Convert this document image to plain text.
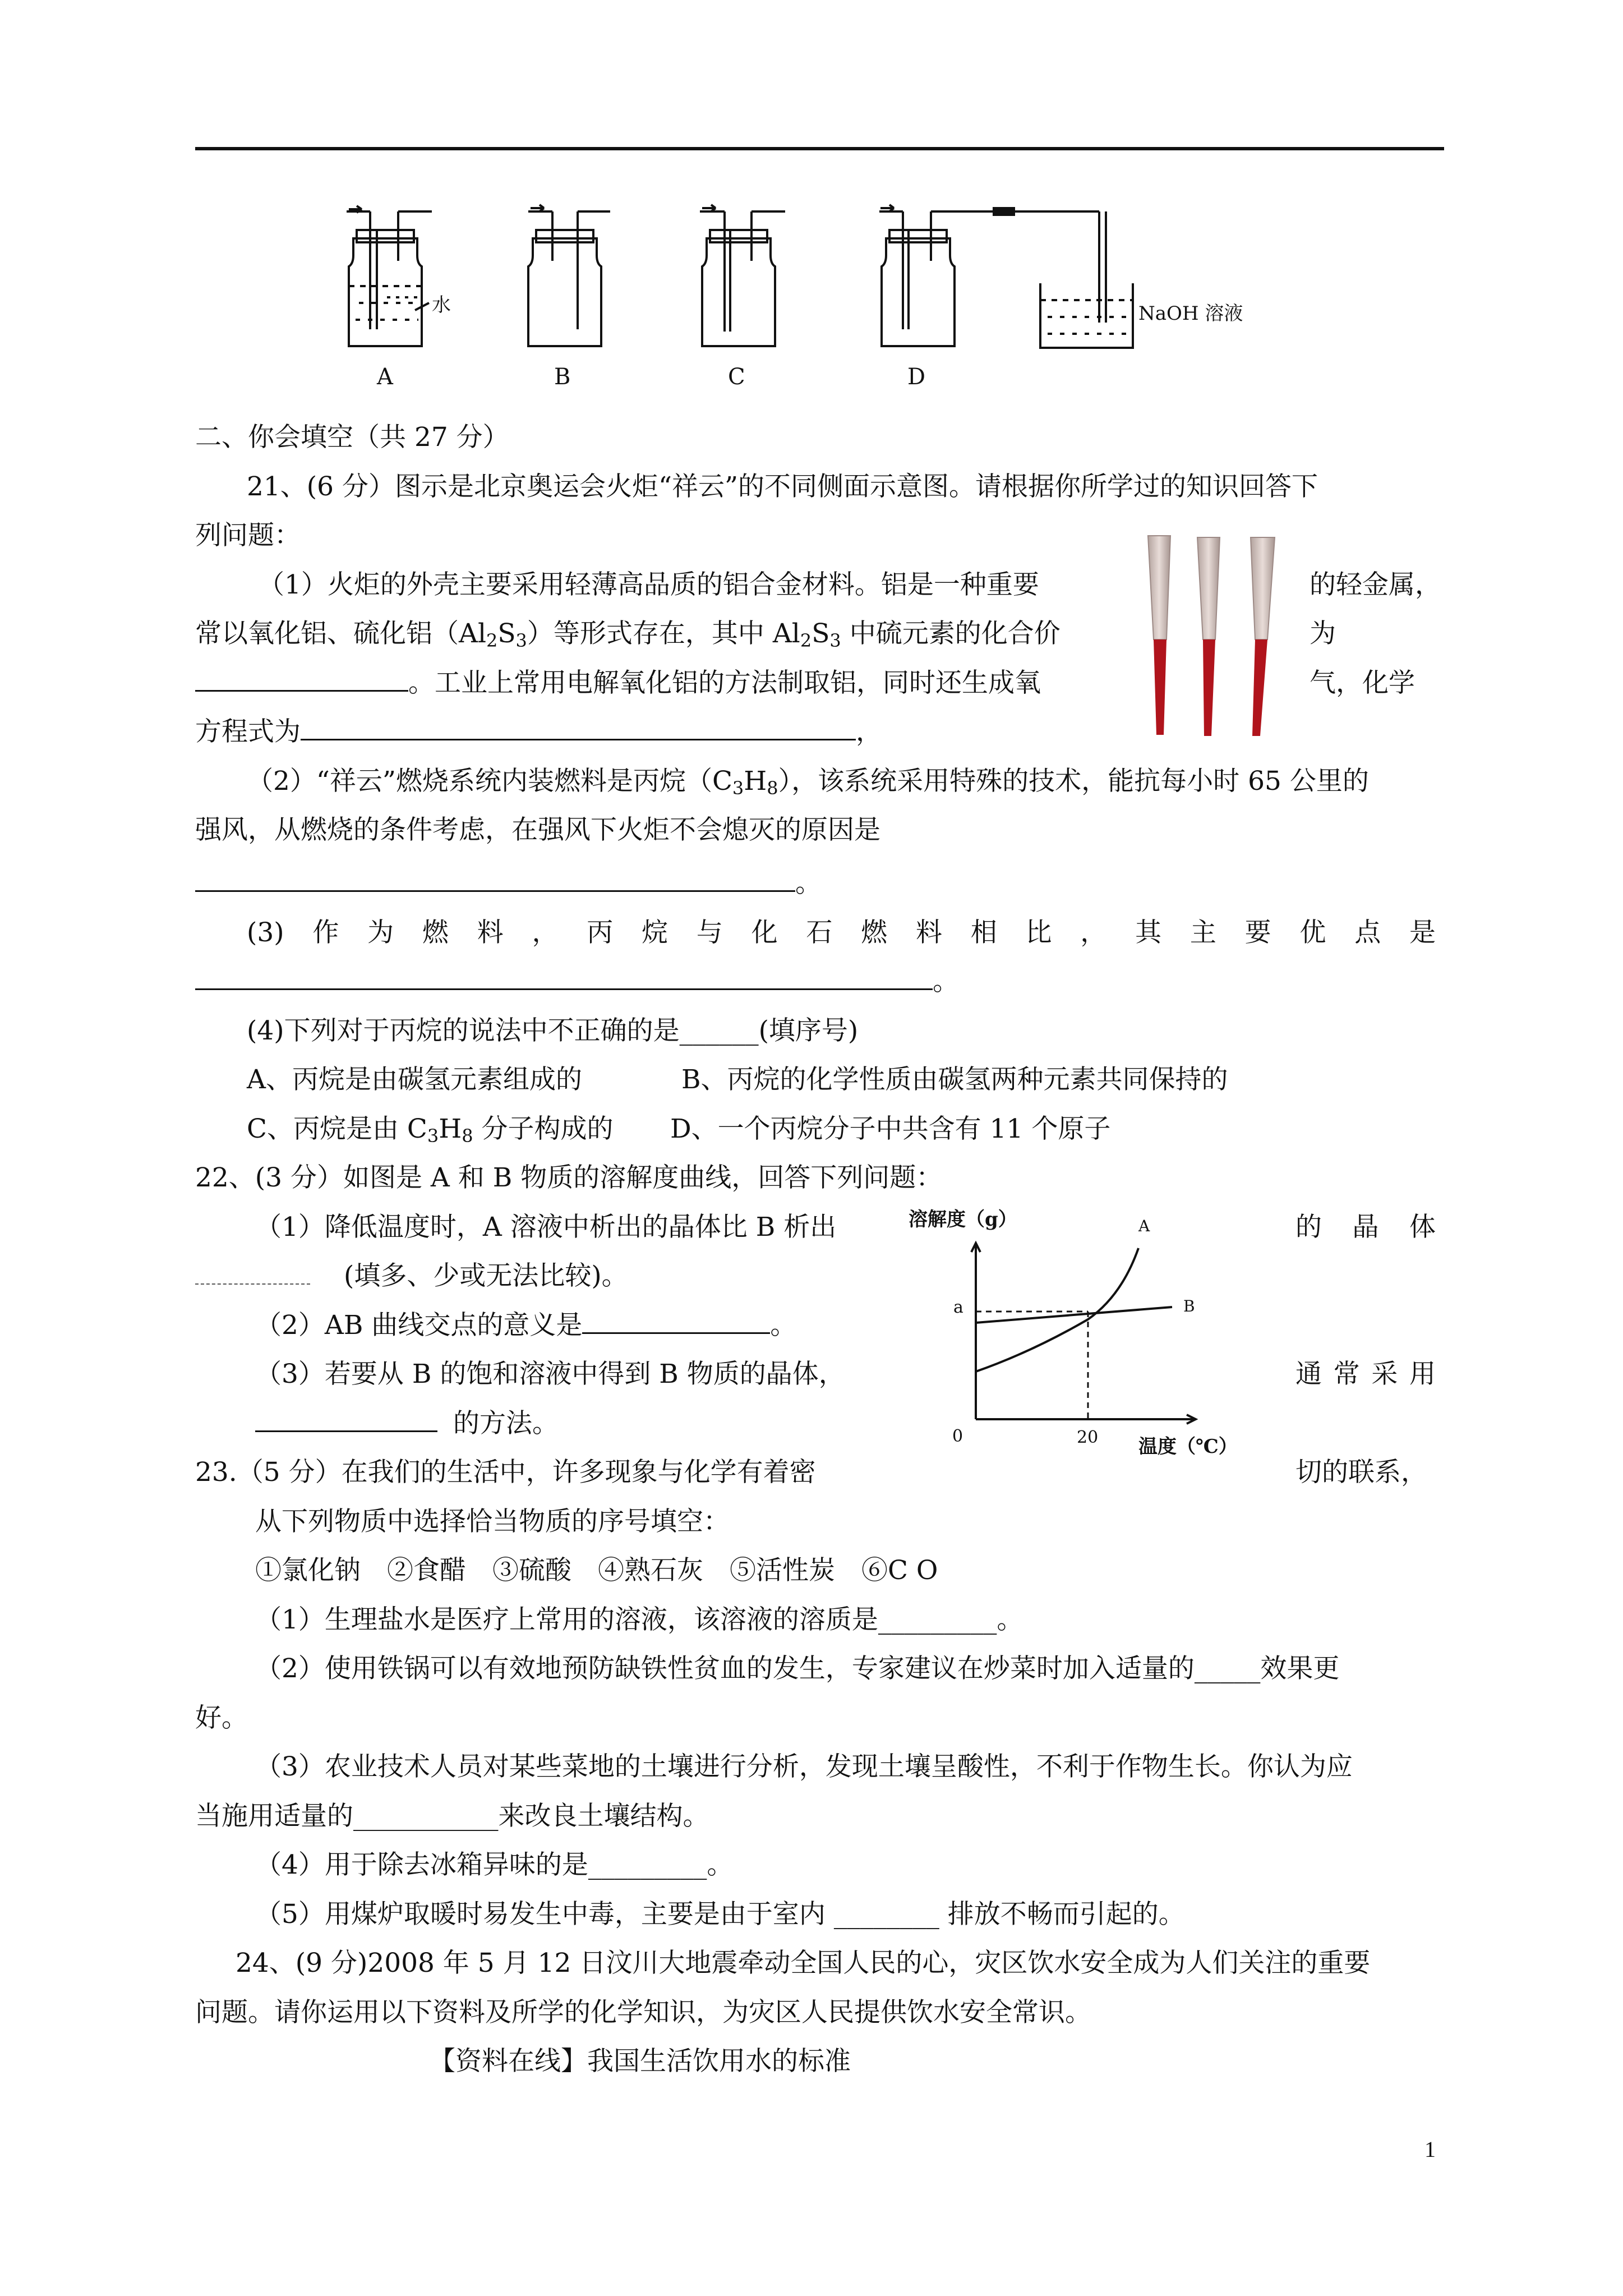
水	NaOH 溶液
A	B	C	D
二、你会填空（共 27 分）
21、(6 分）图示是北京奥运会火炬“祥云”的不同侧面示意图。请根据你所学过的知识回答下
列问题：
（1）火炬的外壳主要采用轻薄高品质的铝合金材料。铝是一种重要	的轻金属，
常以氧化铝、硫化铝$(Al_2S_3)$等形式存在，其中 $Al_2S_3$ 中硫元素的化合价	为
。工业上常用电解氧化铝的方法制取铝，同时还生成氧	气，化学
方程式为	，
（2）“祥云”燃烧系统内装燃料是丙烷$(C_3H_8)$，该系统采用特殊的技术，能抗每小时 65 公里的
强风，从燃烧的条件考虑，在强风下火炬不会熄灭的原因是
。
(3) 作 为 燃 料 ， 丙 烷 与 化 石 燃 料 相 比 ， 其 主 要 优 点 是
。
(4)下列对于丙烷的说法中不正确的是______(填序号)
A、丙烷是由碳氢元素组成的	B、丙烷的化学性质由碳氢两种元素共同保持的
C、丙烷是由 $C_3H_8$ 分子构成的 D、一个丙烷分子中共含有 11 个原子
22、(3 分）如图是 A 和 B 物质的溶解度曲线，回答下列问题：
（1）降低温度时，A 溶液中析出的晶体比 B 析出	的 晶 体
(填多、少或无法比较)。
（2）AB 曲线交点的意义是	。
（3）若要从 B 的饱和溶液中得到 B 物质的晶体，	通 常 采 用
的方法。
溶解度（g）
温度（℃）
a
0	20
A
B
23.（5 分）在我们的生活中，许多现象与化学有着密	切的联系，
从下列物质中选择恰当物质的序号填空：
①氯化钠　②食醋　③硫酸　④熟石灰　⑤活性炭　⑥C O
（1）生理盐水是医疗上常用的溶液，该溶液的溶质是_________。
（2）使用铁锅可以有效地预防缺铁性贫血的发生，专家建议在炒菜时加入适量的_____效果更
好。
（3）农业技术人员对某些菜地的土壤进行分析，发现土壤呈酸性，不利于作物生长。你认为应
当施用适量的___________来改良土壤结构。
（4）用于除去冰箱异味的是_________。
（5）用煤炉取暖时易发生中毒，主要是由于室内 ________ 排放不畅而引起的。
24、(9 分)2008 年 5 月 12 日汶川大地震牵动全国人民的心，灾区饮水安全成为人们关注的重要
问题。请你运用以下资料及所学的化学知识，为灾区人民提供饮水安全常识。
【资料在线】我国生活饮用水的标准
1
